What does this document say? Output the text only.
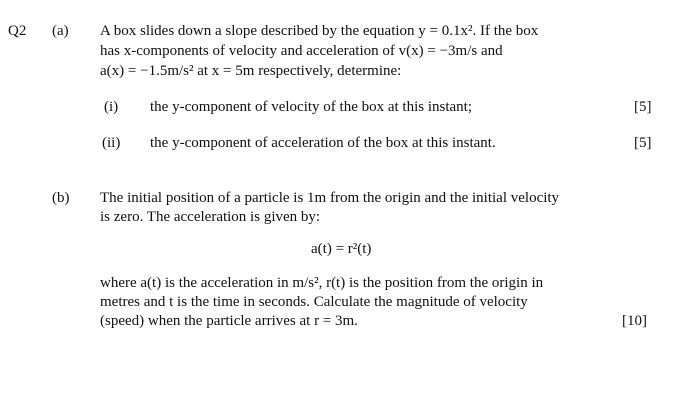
Q2 (a) A box slides down a slope described by the equation y = 0.1x². If the box
has x-components of velocity and acceleration of v(x) = −3m/s and
a(x) = −1.5m/s² at x = 5m respectively, determine:
(i) the y-component of velocity of the box at this instant;	[5]
(ii) the y-component of acceleration of the box at this instant.	[5]
(b) The initial position of a particle is 1m from the origin and the initial velocity
is zero. The acceleration is given by:
a(t) = r²(t)
where a(t) is the acceleration in m/s², r(t) is the position from the origin in
metres and t is the time in seconds. Calculate the magnitude of velocity
(speed) when the particle arrives at r = 3m.	[10]
